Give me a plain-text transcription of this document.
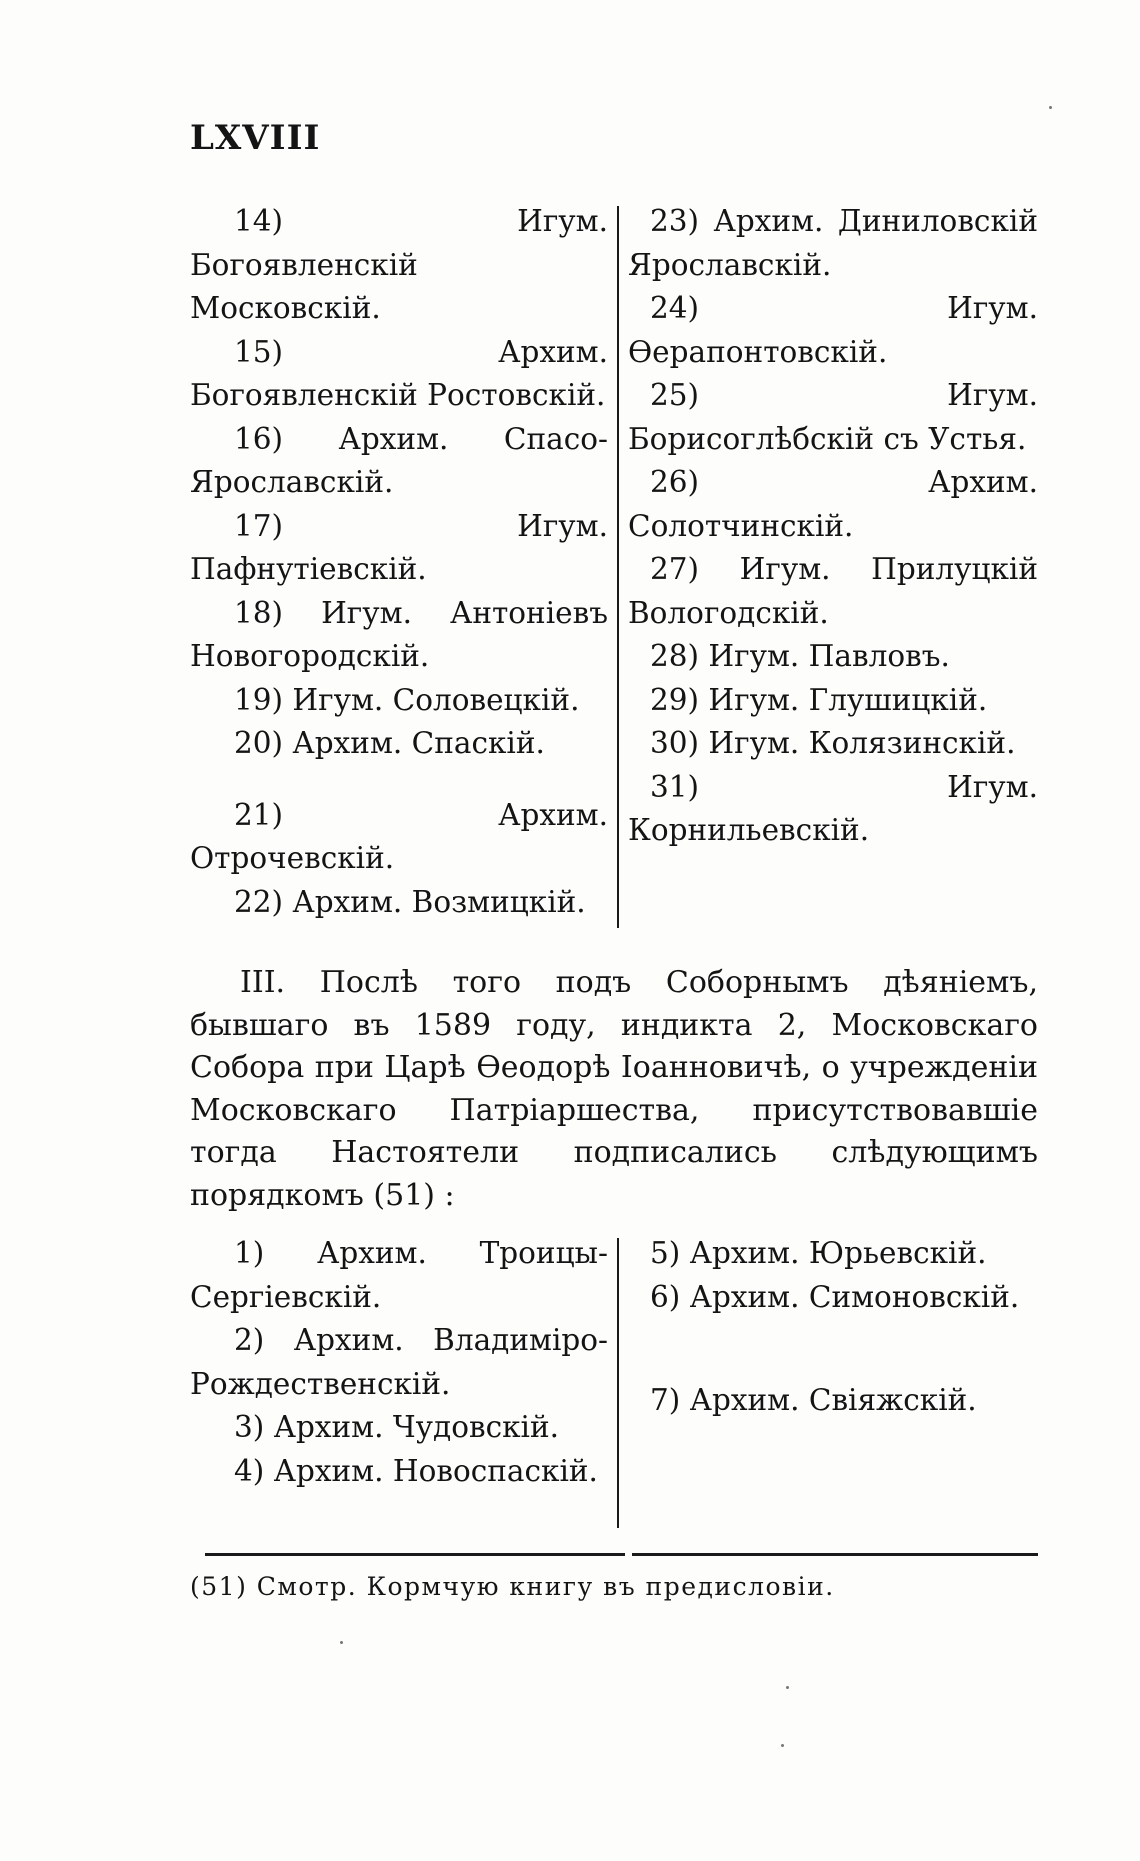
LXVIII

14) Игум. Богоявленскій Московскій.

15) Архим. Богоявленскій Ростовскій.

16) Архим. Спасо-Ярославскій.

17) Игум. Пафнутіевскій.

18) Игум. Антоніевъ Новогородскій.

19) Игум. Соловецкій.

20) Архим. Спаскій.

21) Архим. Отрочевскій.

22) Архим. Возмицкій.

23) Архим. Диниловскій Ярославскій.

24) Игум. Ѳерапонтовскій.

25) Игум. Борисоглѣбскій съ Устья.

26) Архим. Солотчинскій.

27) Игум. Прилуцкій Вологодскій.

28) Игум. Павловъ.

29) Игум. Глушицкій.

30) Игум. Колязинскій.

31) Игум. Корнильевскій.

III. Послѣ того подъ Соборнымъ дѣяніемъ, бывшаго въ 1589 году, индикта 2, Московскаго Собора при Царѣ Ѳеодорѣ Іоанновичѣ, о учрежденіи Московскаго Патріаршества, присутствовавшіе тогда Настоятели подписались слѣдующимъ порядкомъ (51) :

1) Архим. Троицы-Сергіевскій.

2) Архим. Владиміро-Рождественскій.

3) Архим. Чудовскій.

4) Архим. Новоспаскій.

5) Архим. Юрьевскій.

6) Архим. Симоновскій.

7) Архим. Свіяжскій.

(51) Смотр. Кормчую книгу въ предисловіи.
